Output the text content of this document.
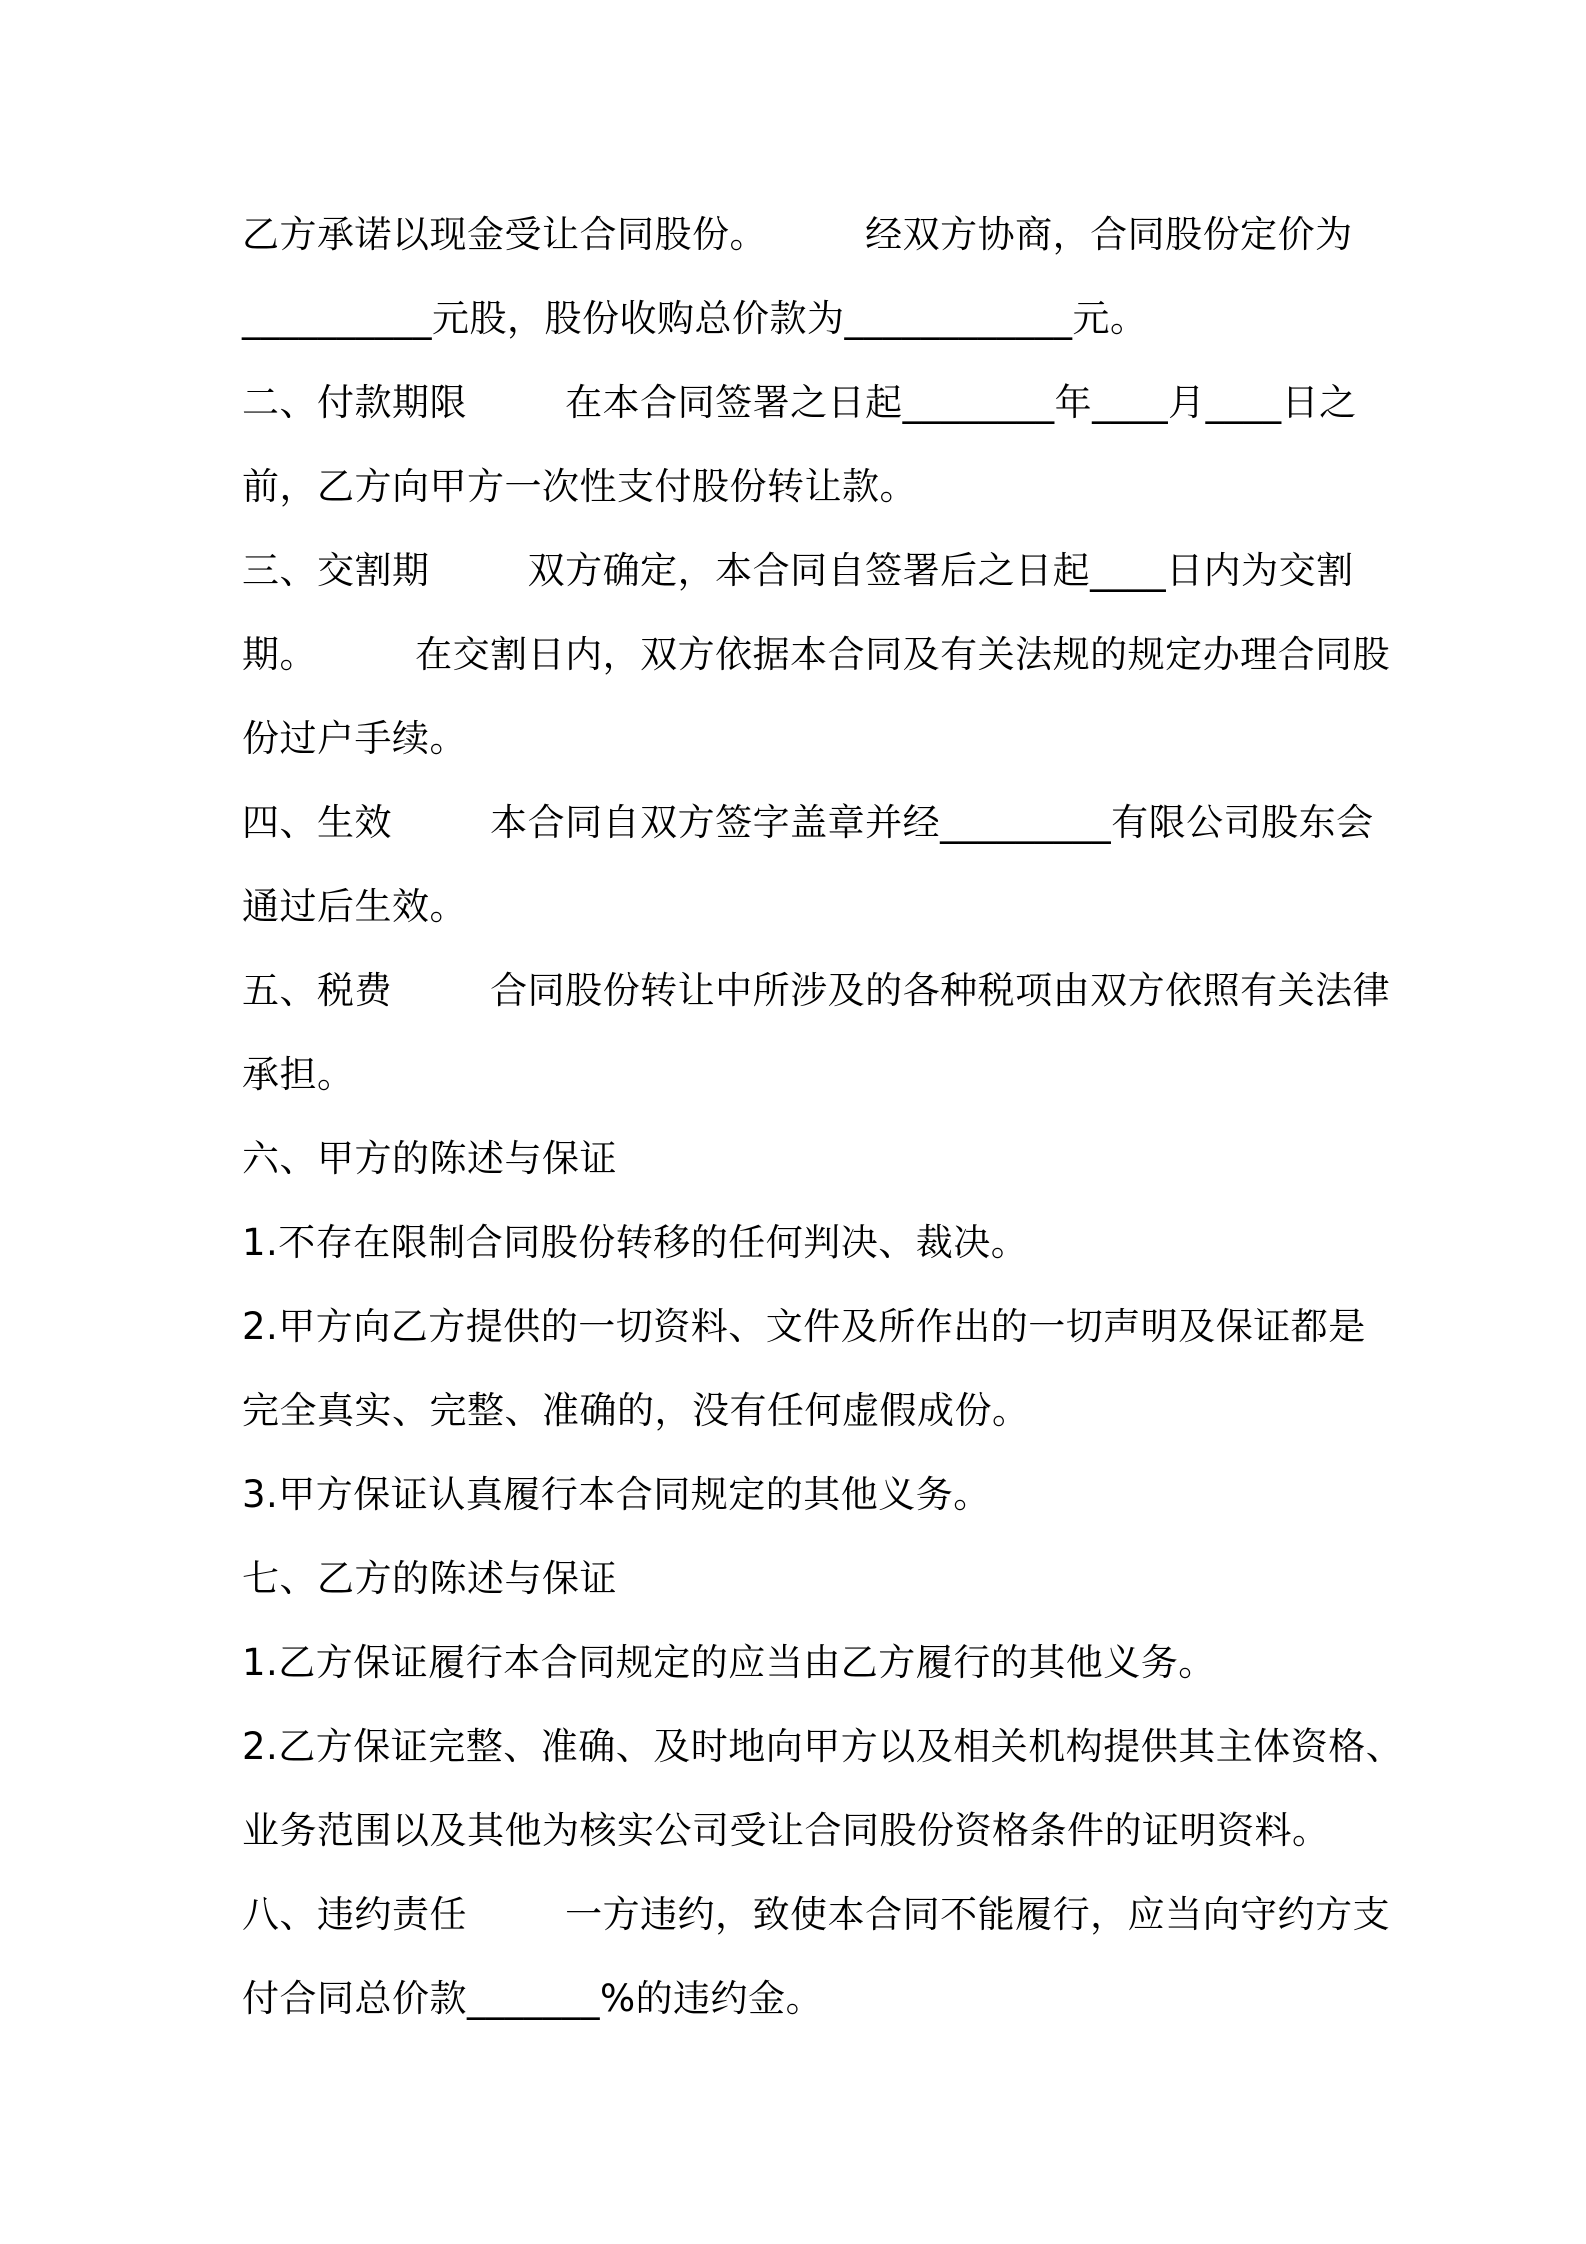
乙方承诺以现金受让合同股份。        经双方协商，合同股份定价为
__________元股，股份收购总价款为____________元。
二、付款期限        在本合同签署之日起________年____月____日之
前，乙方向甲方一次性支付股份转让款。
三、交割期        双方确定，本合同自签署后之日起____日内为交割
期。        在交割日内，双方依据本合同及有关法规的规定办理合同股
份过户手续。
四、生效        本合同自双方签字盖章并经_________有限公司股东会
通过后生效。
五、税费        合同股份转让中所涉及的各种税项由双方依照有关法律
承担。
六、甲方的陈述与保证
1.不存在限制合同股份转移的任何判决、裁决。
2.甲方向乙方提供的一切资料、文件及所作出的一切声明及保证都是
完全真实、完整、准确的，没有任何虚假成份。
3.甲方保证认真履行本合同规定的其他义务。
七、乙方的陈述与保证
1.乙方保证履行本合同规定的应当由乙方履行的其他义务。
2.乙方保证完整、准确、及时地向甲方以及相关机构提供其主体资格、
业务范围以及其他为核实公司受让合同股份资格条件的证明资料。
八、违约责任        一方违约，致使本合同不能履行，应当向守约方支
付合同总价款_______%的违约金。
